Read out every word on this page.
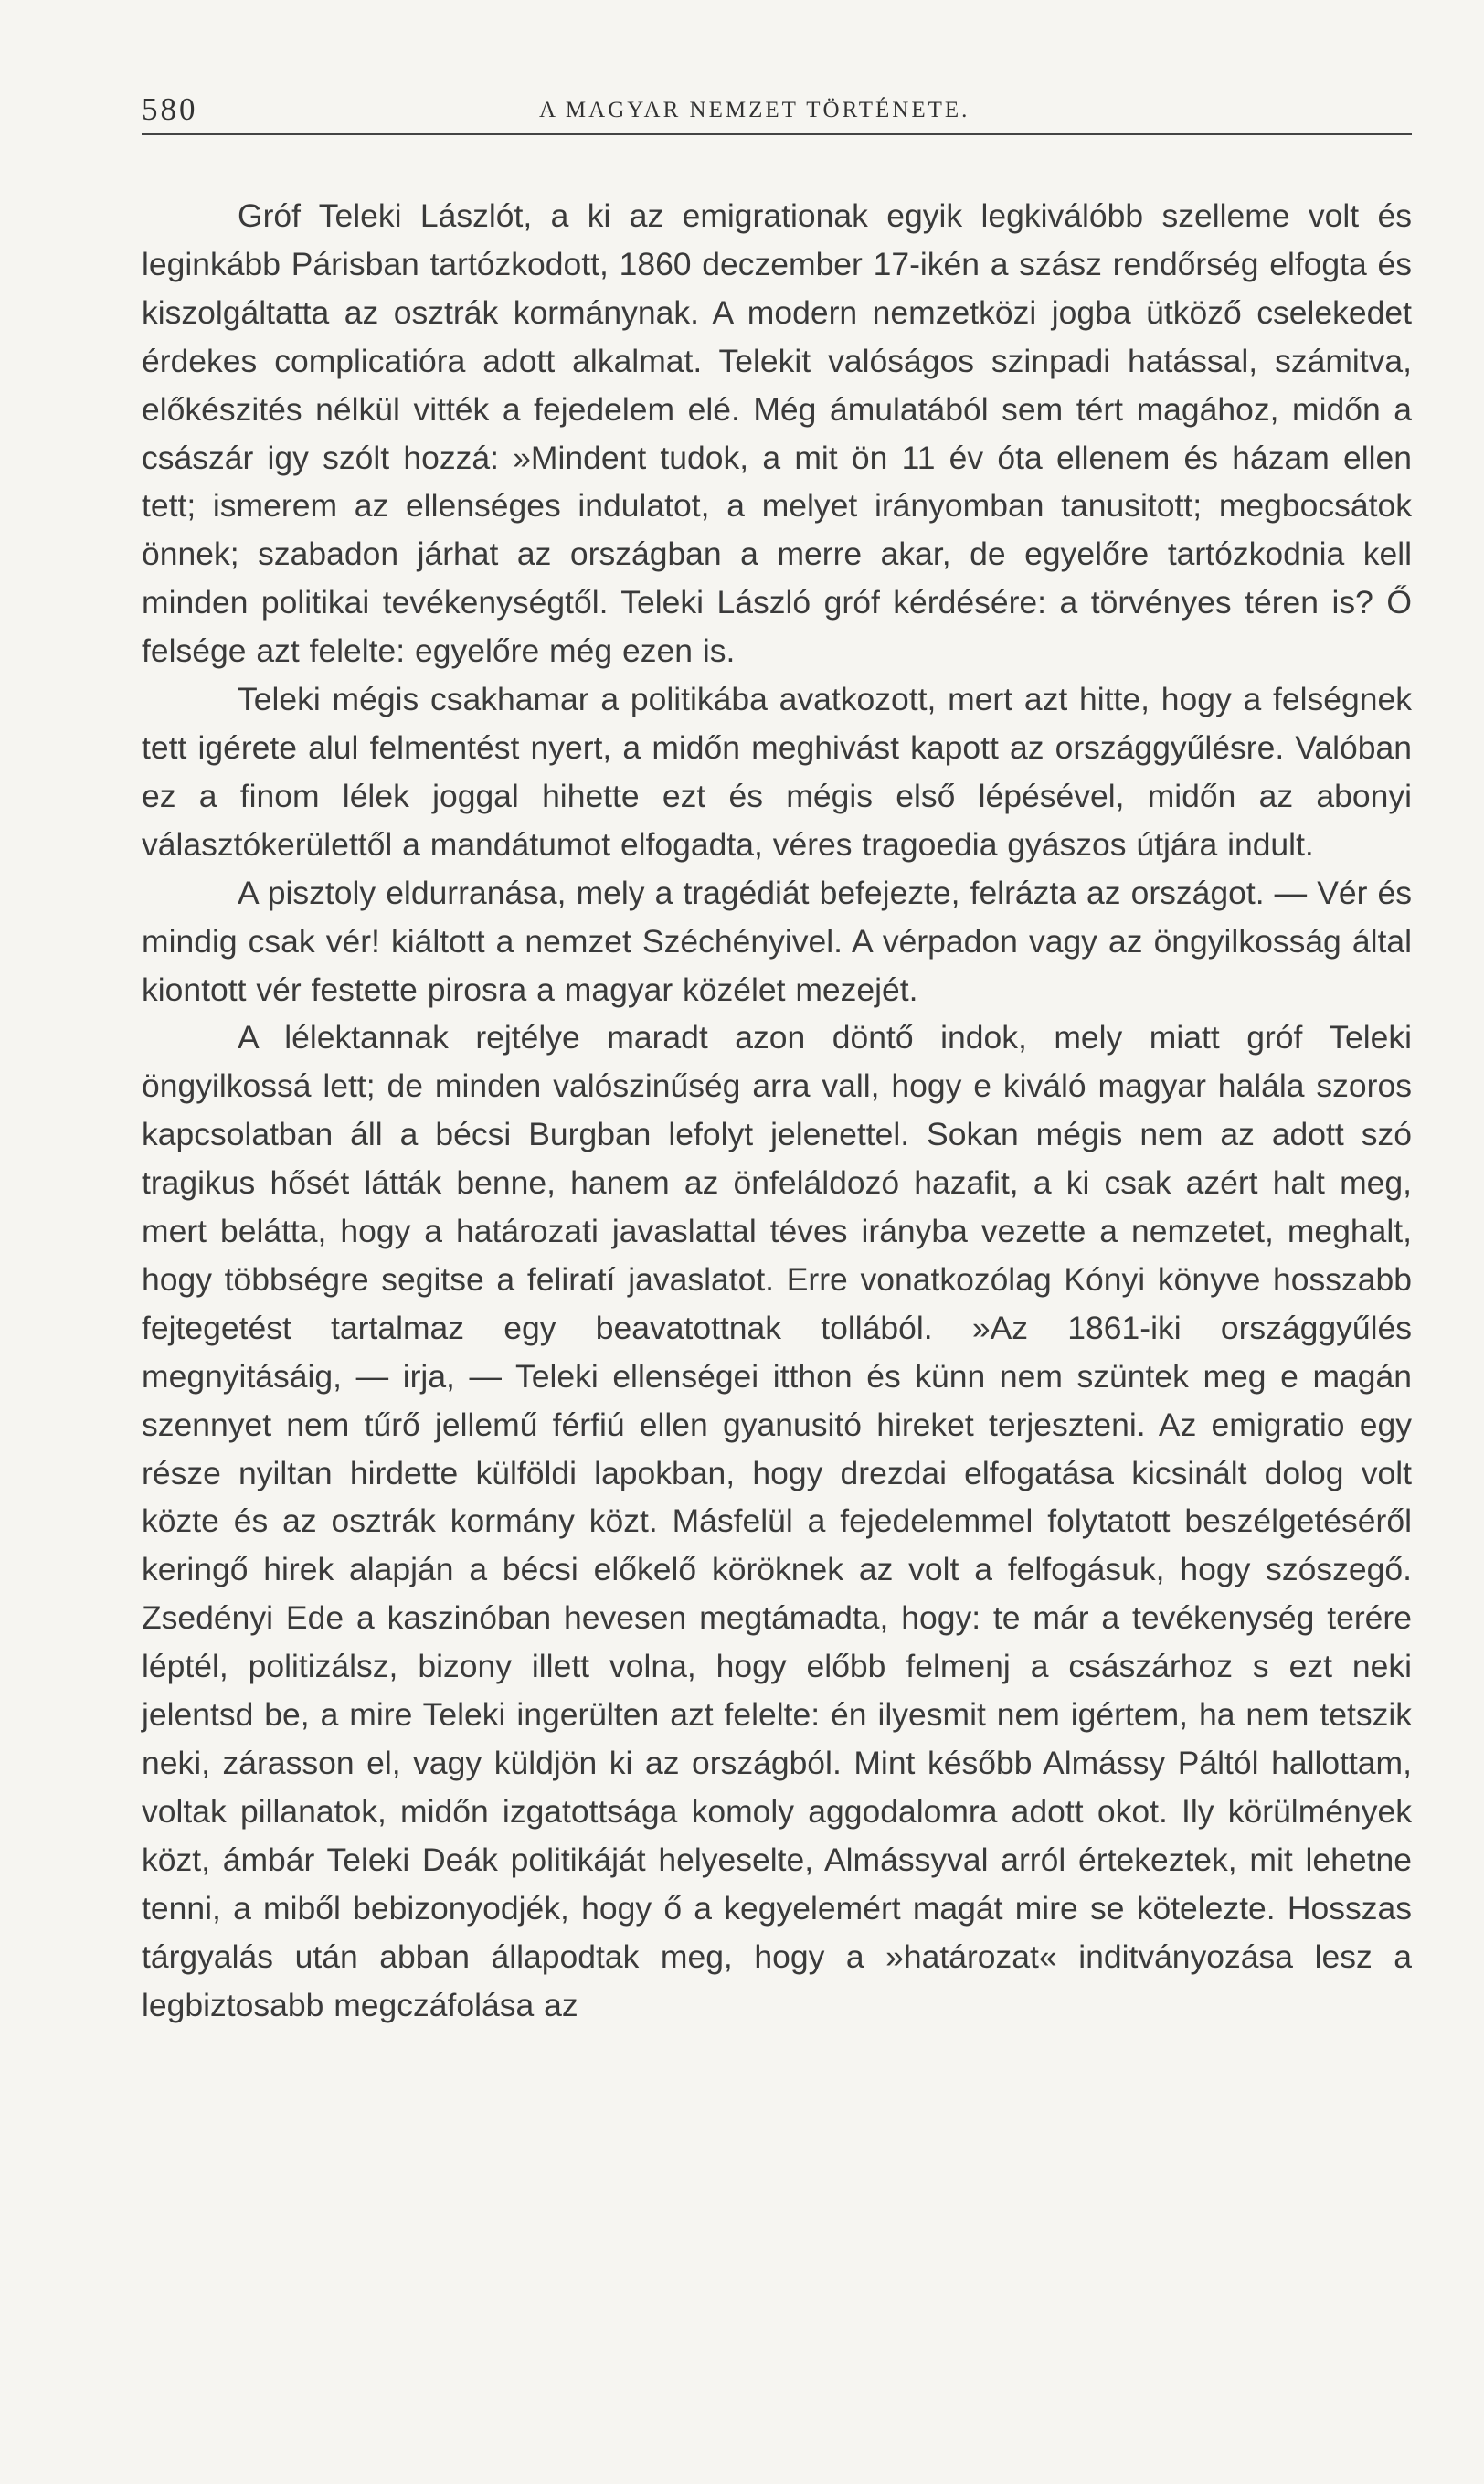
580	A MAGYAR NEMZET TÖRTÉNETE.

Gróf Teleki Lászlót, a ki az emigrationak egyik legkiválóbb szelleme volt és leginkább Párisban tartózkodott, 1860 deczember 17-ikén a szász rendőrség elfogta és kiszolgáltatta az osztrák kormánynak. A modern nemzetközi jogba ütköző cselekedet érdekes complicatióra adott alkalmat. Telekit valóságos szinpadi hatással, számitva, előkészités nélkül vitték a fejedelem elé. Még ámulatából sem tért magához, midőn a császár igy szólt hozzá: »Mindent tudok, a mit ön 11 év óta ellenem és házam ellen tett; ismerem az ellenséges indulatot, a melyet irányomban tanusitott; megbocsátok önnek; szabadon járhat az országban a merre akar, de egyelőre tartózkodnia kell minden politikai tevékenységtől. Teleki László gróf kérdésére: a törvényes téren is? Ő felsége azt felelte: egyelőre még ezen is.

Teleki mégis csakhamar a politikába avatkozott, mert azt hitte, hogy a felségnek tett igérete alul felmentést nyert, a midőn meghivást kapott az országgyűlésre. Valóban ez a finom lélek joggal hihette ezt és mégis első lépésével, midőn az abonyi választókerülettől a mandátumot elfogadta, véres tragoedia gyászos útjára indult.

A pisztoly eldurranása, mely a tragédiát befejezte, felrázta az országot. — Vér és mindig csak vér! kiáltott a nemzet Széchényivel. A vérpadon vagy az öngyilkosság által kiontott vér festette pirosra a magyar közélet mezejét.

A lélektannak rejtélye maradt azon döntő indok, mely miatt gróf Teleki öngyilkossá lett; de minden valószinűség arra vall, hogy e kiváló magyar halála szoros kapcsolatban áll a bécsi Burgban lefolyt jelenettel. Sokan mégis nem az adott szó tragikus hősét látták benne, hanem az önfeláldozó hazafit, a ki csak azért halt meg, mert belátta, hogy a határozati javaslattal téves irányba vezette a nemzetet, meghalt, hogy többségre segitse a feliratí javaslatot. Erre vonatkozólag Kónyi könyve hosszabb fejtegetést tartalmaz egy beavatottnak tollából. »Az 1861-iki országgyűlés megnyitásáig, — irja, — Teleki ellenségei itthon és künn nem szüntek meg e magán szennyet nem tűrő jellemű férfiú ellen gyanusitó hireket terjeszteni. Az emigratio egy része nyiltan hirdette külföldi lapokban, hogy drezdai elfogatása kicsinált dolog volt közte és az osztrák kormány közt. Másfelül a fejedelemmel folytatott beszélgetéséről keringő hirek alapján a bécsi előkelő köröknek az volt a felfogásuk, hogy szószegő. Zsedényi Ede a kaszinóban hevesen megtámadta, hogy: te már a tevékenység terére léptél, politizálsz, bizony illett volna, hogy előbb felmenj a császárhoz s ezt neki jelentsd be, a mire Teleki ingerülten azt felelte: én ilyesmit nem igértem, ha nem tetszik neki, zárasson el, vagy küldjön ki az országból. Mint később Almássy Páltól hallottam, voltak pillanatok, midőn izgatottsága komoly aggodalomra adott okot. Ily körülmények közt, ámbár Teleki Deák politikáját helyeselte, Almássyval arról értekeztek, mit lehetne tenni, a miből bebizonyodjék, hogy ő a kegyelemért magát mire se kötelezte. Hosszas tárgyalás után abban állapodtak meg, hogy a »határozat« inditványozása lesz a legbiztosabb megczáfolása az
